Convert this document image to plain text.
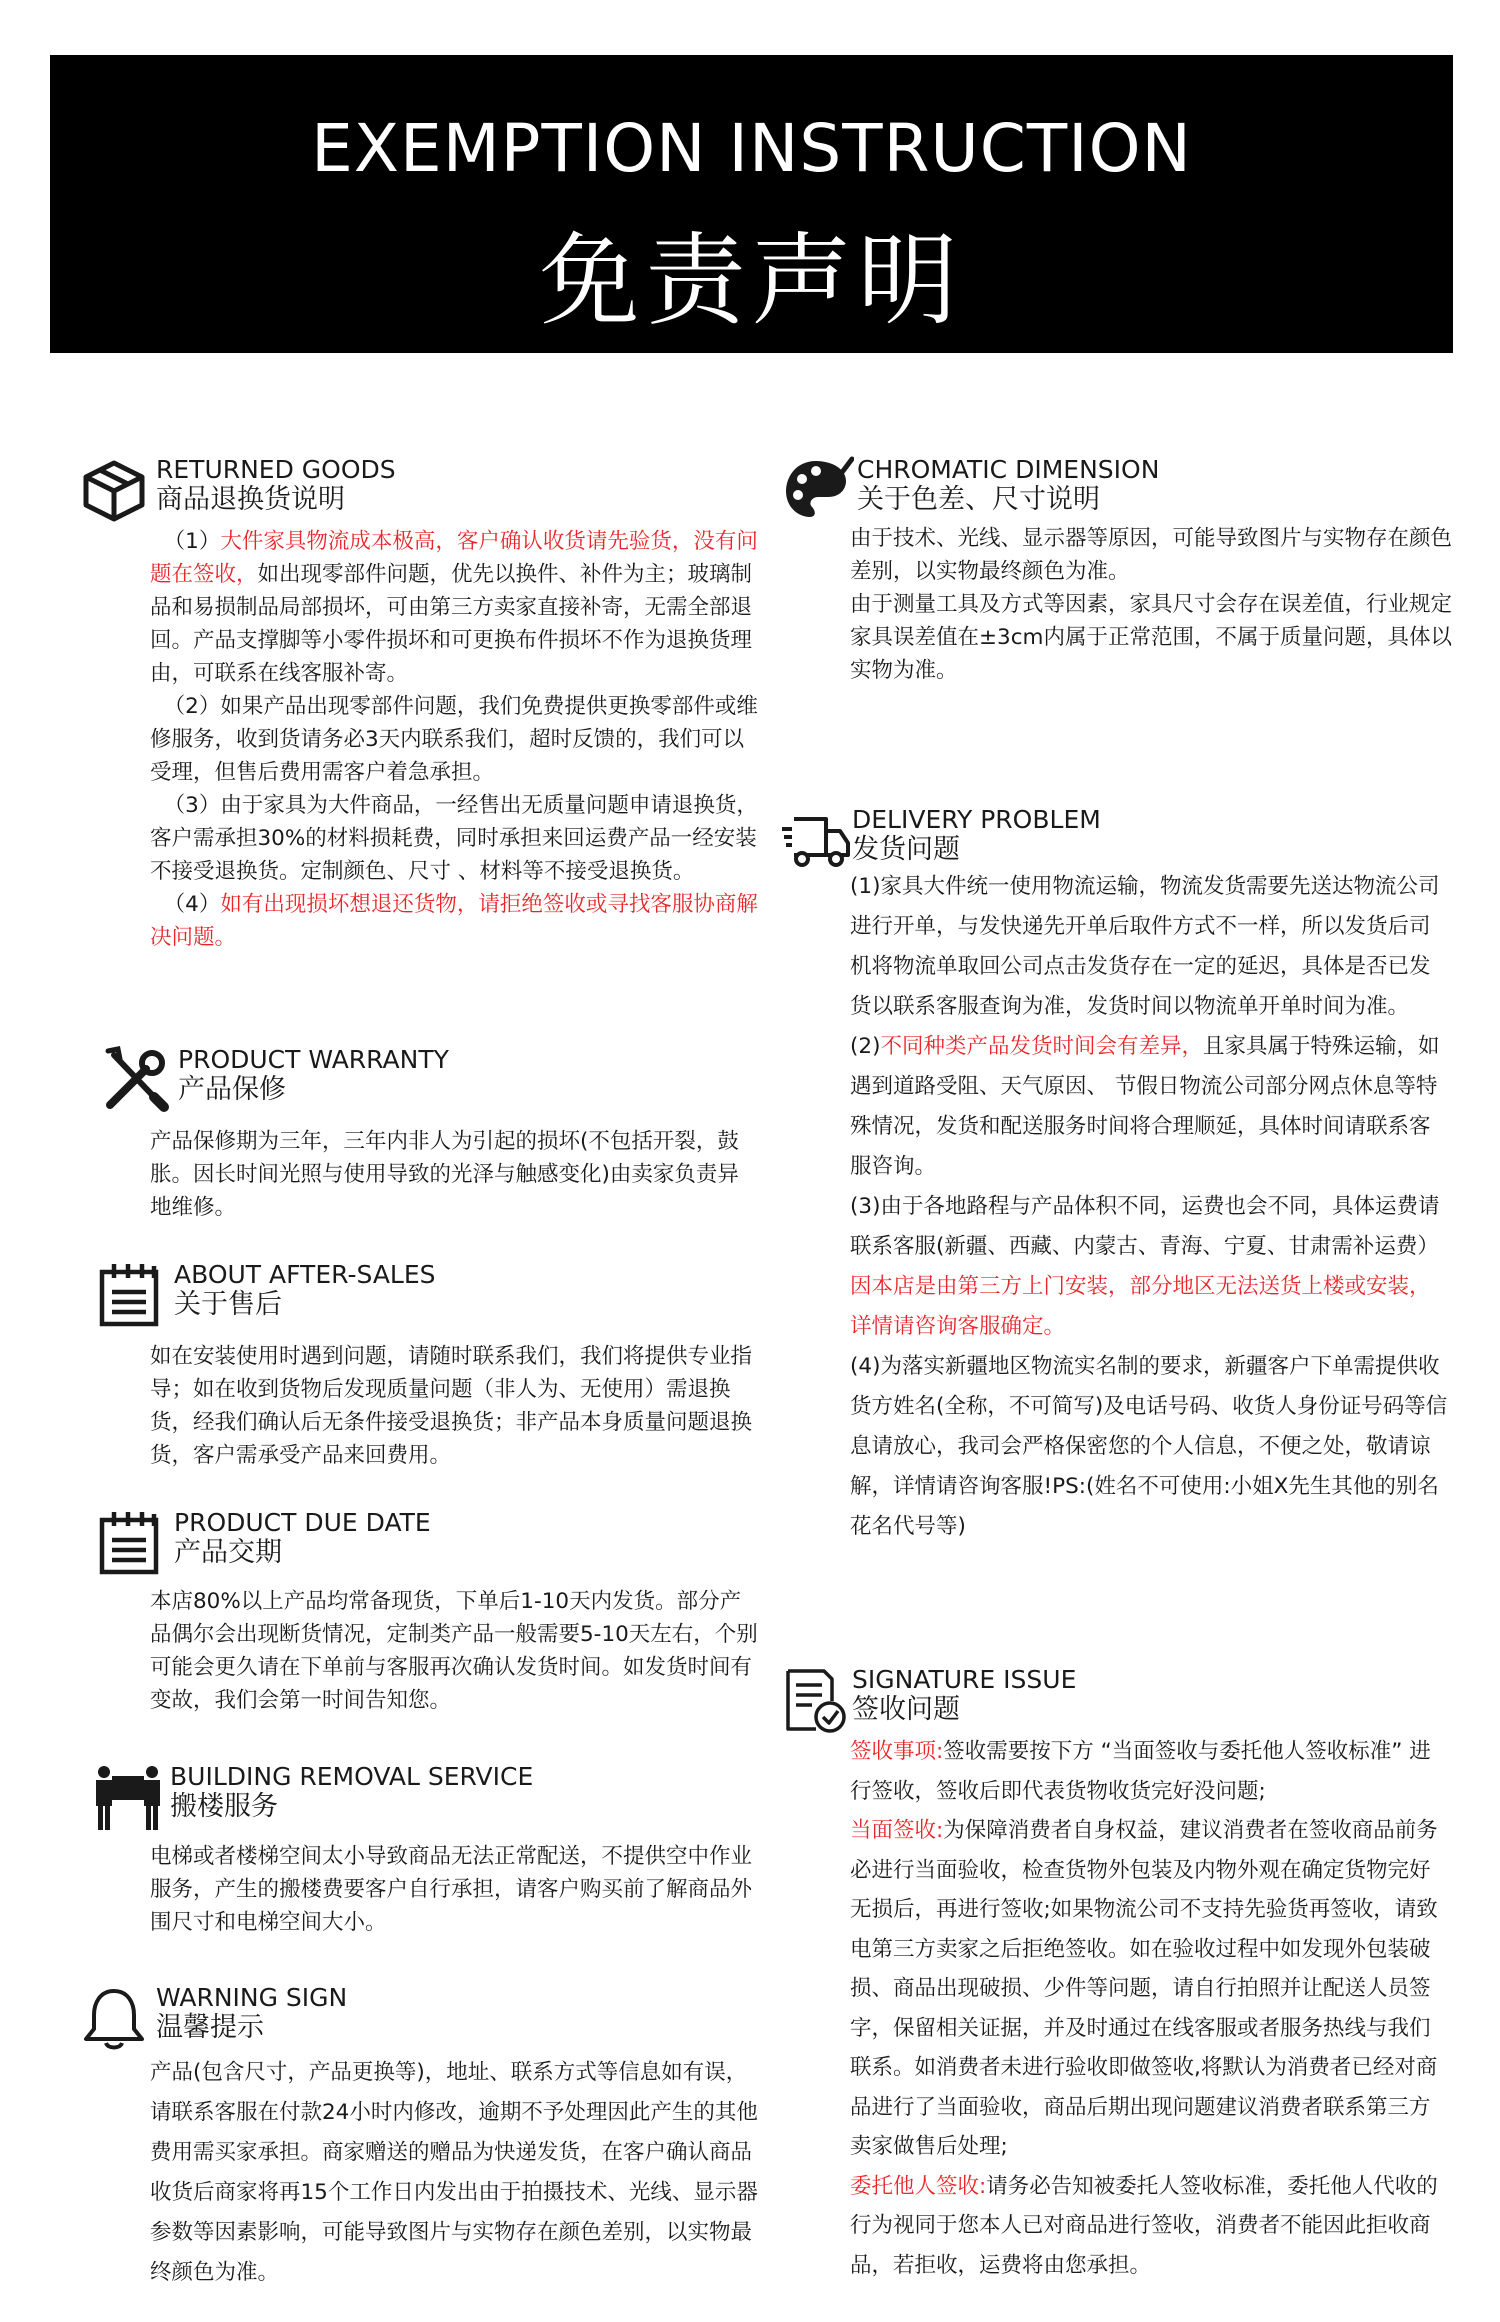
EXEMPTION INSTRUCTION
免责声明
RETURNED GOODS
商品退换货说明

（1）大件家具物流成本极高，客户确认收货请先验货，没有问题在签收，如出现零部件问题，优先以换件、补件为主；玻璃制品和易损制品局部损坏，可由第三方卖家直接补寄，无需全部退回。产品支撑脚等小零件损坏和可更换布件损坏不作为退换货理由，可联系在线客服补寄。

（2）如果产品出现零部件问题，我们免费提供更换零部件或维修服务，收到货请务必3天内联系我们，超时反馈的，我们可以受理，但售后费用需客户着急承担。

（3）由于家具为大件商品，一经售出无质量问题申请退换货，客户需承担30%的材料损耗费，同时承担来回运费产品一经安装不接受退换货。定制颜色、尺寸 、材料等不接受退换货。

（4）如有出现损坏想退还货物，请拒绝签收或寻找客服协商解决问题。

PRODUCT WARRANTY
产品保修

产品保修期为三年，三年内非人为引起的损坏(不包括开裂，鼓胀。因长时间光照与使用导致的光泽与触感变化)由卖家负责异地维修。

ABOUT AFTER-SALES
关于售后

如在安装使用时遇到问题，请随时联系我们，我们将提供专业指导；如在收到货物后发现质量问题（非人为、无使用）需退换货，经我们确认后无条件接受退换货；非产品本身质量问题退换货，客户需承受产品来回费用。

PRODUCT DUE DATE
产品交期

本店80%以上产品均常备现货，下单后1-10天内发货。部分产品偶尔会出现断货情况，定制类产品一般需要5-10天左右，个别可能会更久请在下单前与客服再次确认发货时间。如发货时间有变故，我们会第一时间告知您。

BUILDING REMOVAL SERVICE
搬楼服务

电梯或者楼梯空间太小导致商品无法正常配送，不提供空中作业服务，产生的搬楼费要客户自行承担，请客户购买前了解商品外围尺寸和电梯空间大小。

WARNING SIGN
温馨提示

产品(包含尺寸，产品更换等)，地址、联系方式等信息如有误，请联系客服在付款24小时内修改，逾期不予处理因此产生的其他费用需买家承担。商家赠送的赠品为快递发货，在客户确认商品收货后商家将再15个工作日内发出由于拍摄技术、光线、显示器参数等因素影响，可能导致图片与实物存在颜色差别，以实物最终颜色为准。

CHROMATIC DIMENSION
关于色差、尺寸说明

由于技术、光线、显示器等原因，可能导致图片与实物存在颜色差别，以实物最终颜色为准。

由于测量工具及方式等因素，家具尺寸会存在误差值，行业规定家具误差值在±3cm内属于正常范围，不属于质量问题，具体以实物为准。

DELIVERY PROBLEM
发货问题

(1)家具大件统一使用物流运输，物流发货需要先送达物流公司进行开单，与发快递先开单后取件方式不一样，所以发货后司机将物流单取回公司点击发货存在一定的延迟，具体是否已发货以联系客服查询为准，发货时间以物流单开单时间为准。

(2)不同种类产品发货时间会有差异，且家具属于特殊运输，如遇到道路受阻、天气原因、 节假日物流公司部分网点休息等特殊情况，发货和配送服务时间将合理顺延，具体时间请联系客服咨询。

(3)由于各地路程与产品体积不同，运费也会不同，具体运费请联系客服(新疆、西藏、内蒙古、青海、宁夏、甘肃需补运费）因本店是由第三方上门安装，部分地区无法送货上楼或安装，详情请咨询客服确定。

(4)为落实新疆地区物流实名制的要求，新疆客户下单需提供收货方姓名(全称，不可简写)及电话号码、收货人身份证号码等信息请放心，我司会严格保密您的个人信息，不便之处，敬请谅解，详情请咨询客服!PS:(姓名不可使用:小姐X先生其他的别名花名代号等)

SIGNATURE ISSUE
签收问题

签收事项:签收需要按下方 “当面签收与委托他人签收标准” 进行签收，签收后即代表货物收货完好没问题;

当面签收:为保障消费者自身权益，建议消费者在签收商品前务必进行当面验收，检查货物外包装及内物外观在确定货物完好无损后，再进行签收;如果物流公司不支持先验货再签收，请致电第三方卖家之后拒绝签收。如在验收过程中如发现外包装破损、商品出现破损、少件等问题，请自行拍照并让配送人员签字，保留相关证据，并及时通过在线客服或者服务热线与我们联系。如消费者未进行验收即做签收,将默认为消费者已经对商品进行了当面验收，商品后期出现问题建议消费者联系第三方卖家做售后处理;

委托他人签收:请务必告知被委托人签收标准，委托他人代收的行为视同于您本人已对商品进行签收，消费者不能因此拒收商品，若拒收，运费将由您承担。
